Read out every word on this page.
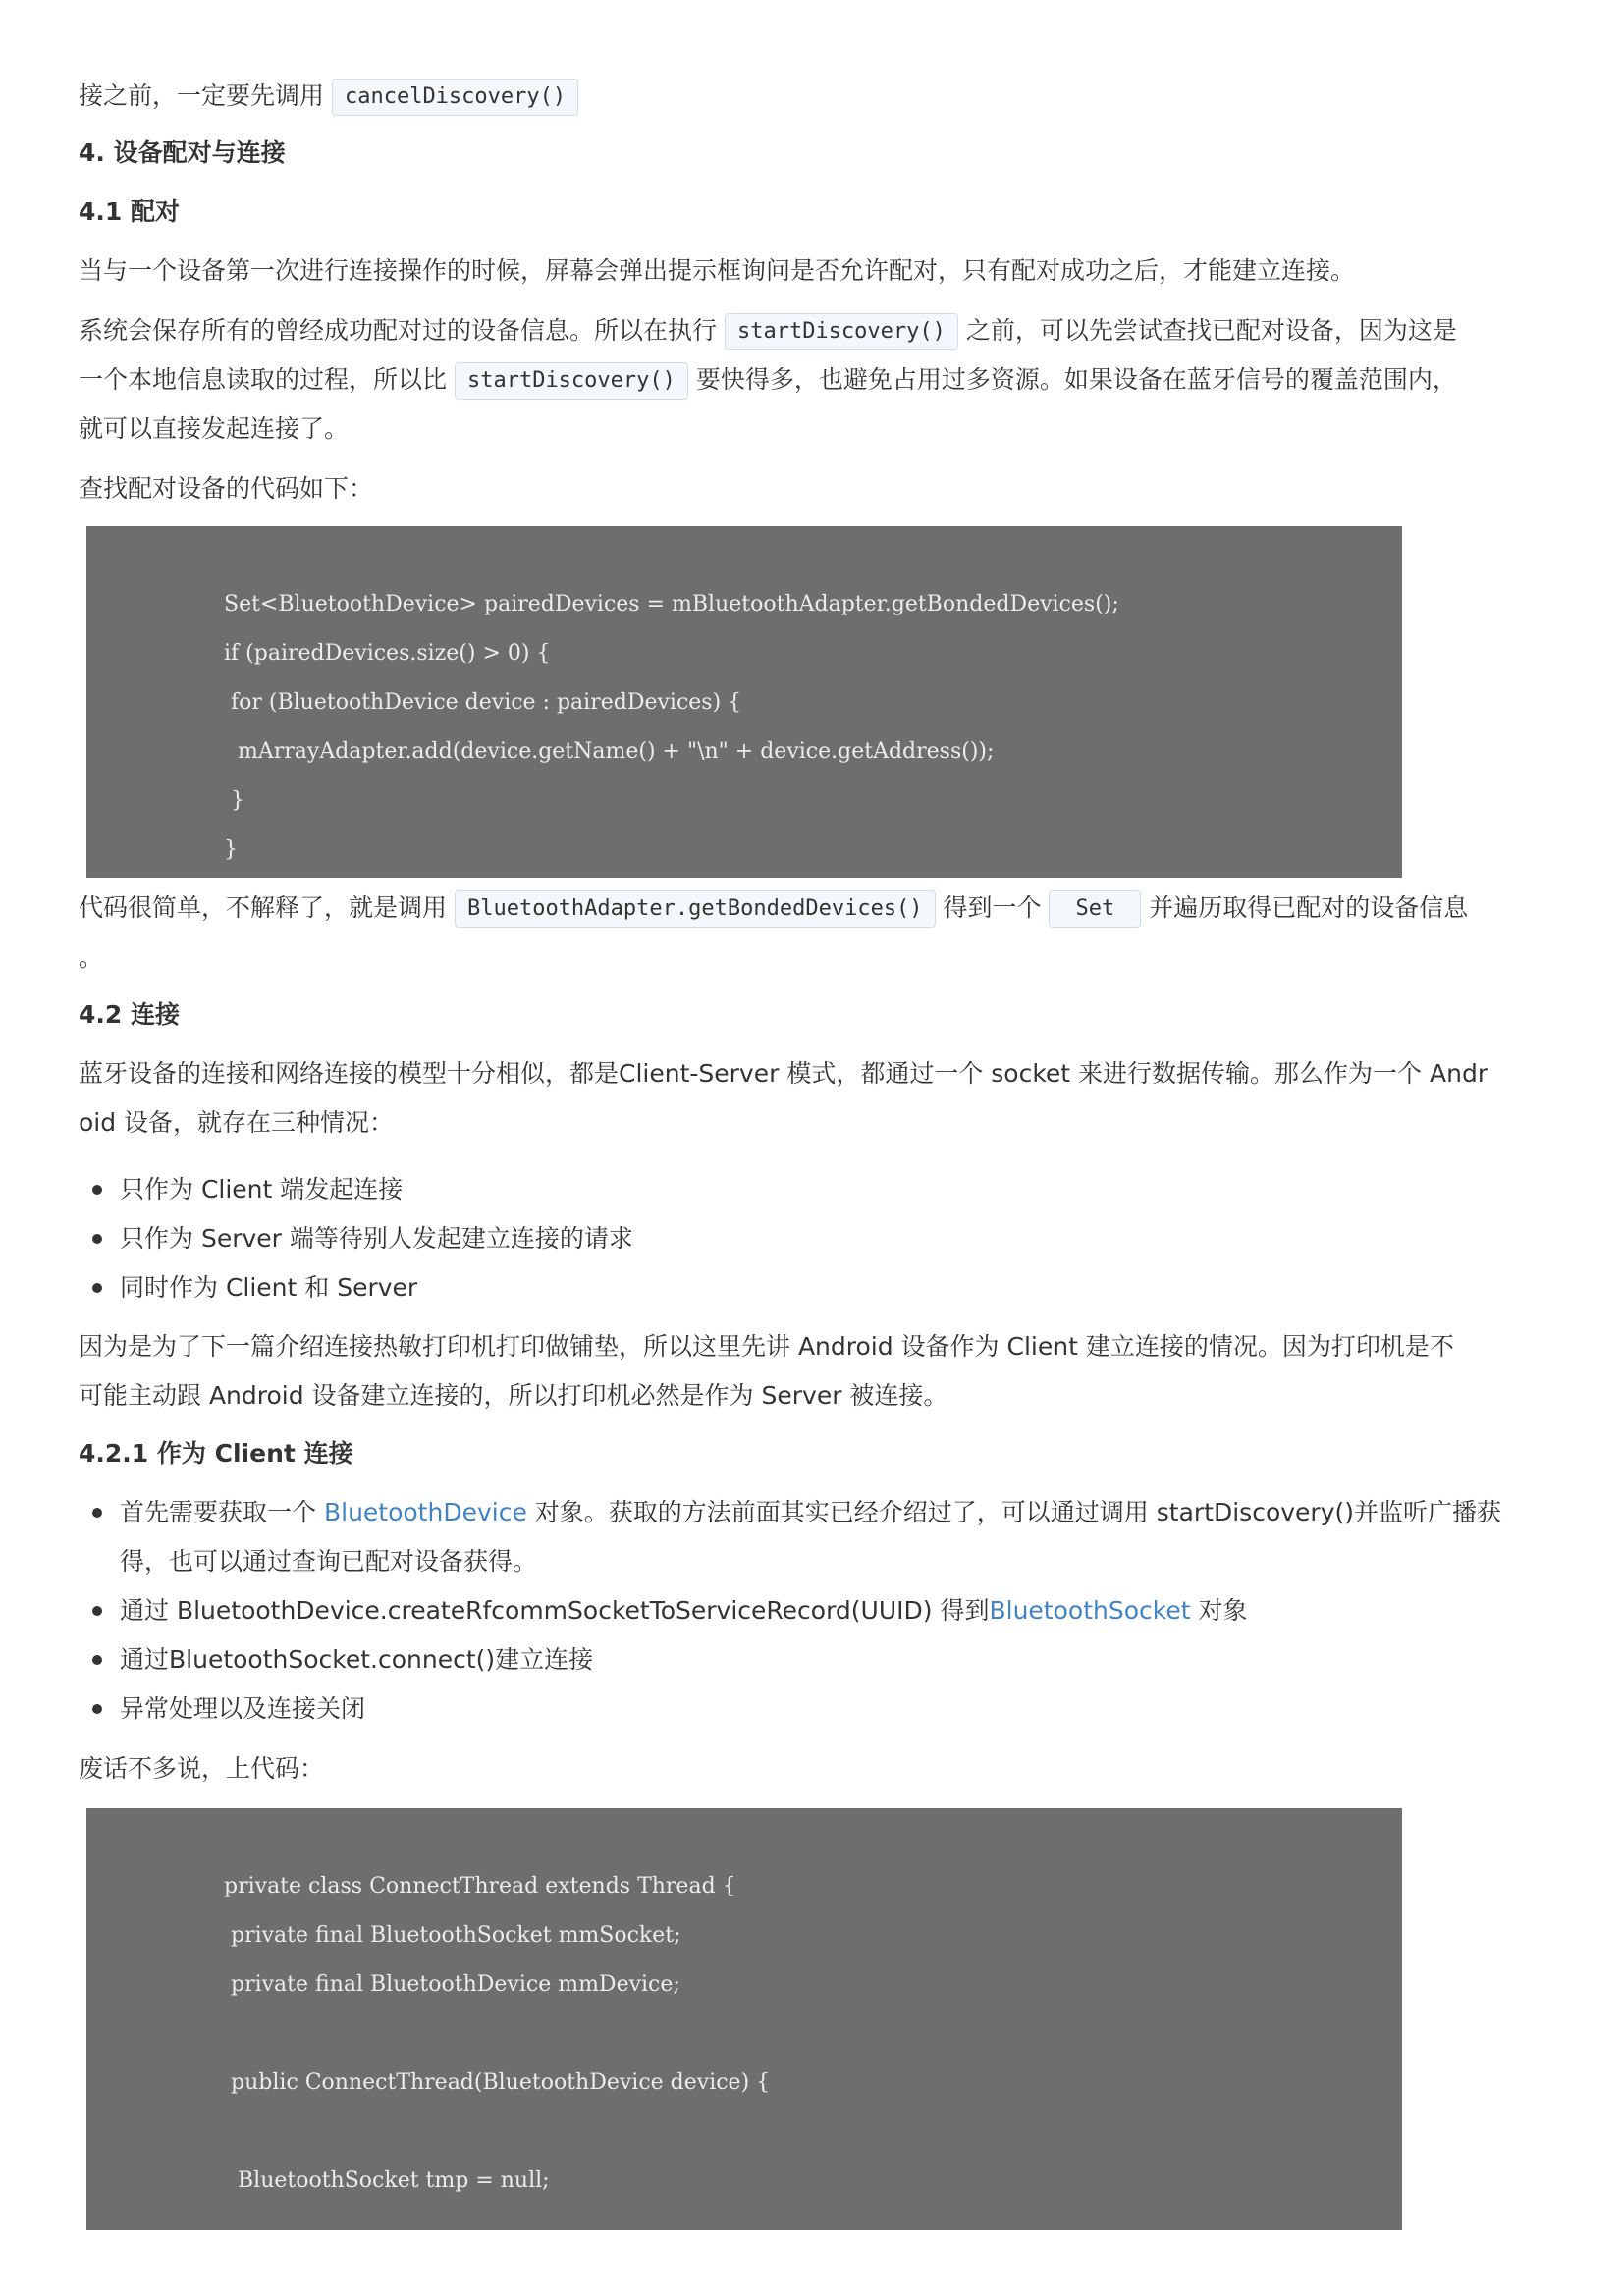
接之前，一定要先调用 cancelDiscovery()
4. 设备配对与连接
4.1 配对
当与一个设备第一次进行连接操作的时候，屏幕会弹出提示框询问是否允许配对，只有配对成功之后，才能建立连接。
系统会保存所有的曾经成功配对过的设备信息。所以在执行 startDiscovery() 之前，可以先尝试查找已配对设备，因为这是
一个本地信息读取的过程，所以比 startDiscovery() 要快得多，也避免占用过多资源。如果设备在蓝牙信号的覆盖范围内，
就可以直接发起连接了。
查找配对设备的代码如下：
Set<BluetoothDevice> pairedDevices = mBluetoothAdapter.getBondedDevices();
if (pairedDevices.size() > 0) {
for (BluetoothDevice device : pairedDevices) {
mArrayAdapter.add(device.getName() + "\n" + device.getAddress());
}
}
代码很简单，不解释了，就是调用 BluetoothAdapter.getBondedDevices() 得到一个 Set 并遍历取得已配对的设备信息
。
4.2 连接
蓝牙设备的连接和网络连接的模型十分相似，都是Client-Server 模式，都通过一个 socket 来进行数据传输。那么作为一个 Andr
oid 设备，就存在三种情况：
只作为 Client 端发起连接
只作为 Server 端等待别人发起建立连接的请求
同时作为 Client 和 Server
因为是为了下一篇介绍连接热敏打印机打印做铺垫，所以这里先讲 Android 设备作为 Client 建立连接的情况。因为打印机是不
可能主动跟 Android 设备建立连接的，所以打印机必然是作为 Server 被连接。
4.2.1 作为 Client 连接
首先需要获取一个 BluetoothDevice 对象。获取的方法前面其实已经介绍过了，可以通过调用 startDiscovery()并监听广播获
得，也可以通过查询已配对设备获得。
通过 BluetoothDevice.createRfcommSocketToServiceRecord(UUID) 得到BluetoothSocket 对象
通过BluetoothSocket.connect()建立连接
异常处理以及连接关闭
废话不多说，上代码：
private class ConnectThread extends Thread {
private final BluetoothSocket mmSocket;
private final BluetoothDevice mmDevice;
public ConnectThread(BluetoothDevice device) {
BluetoothSocket tmp = null;
